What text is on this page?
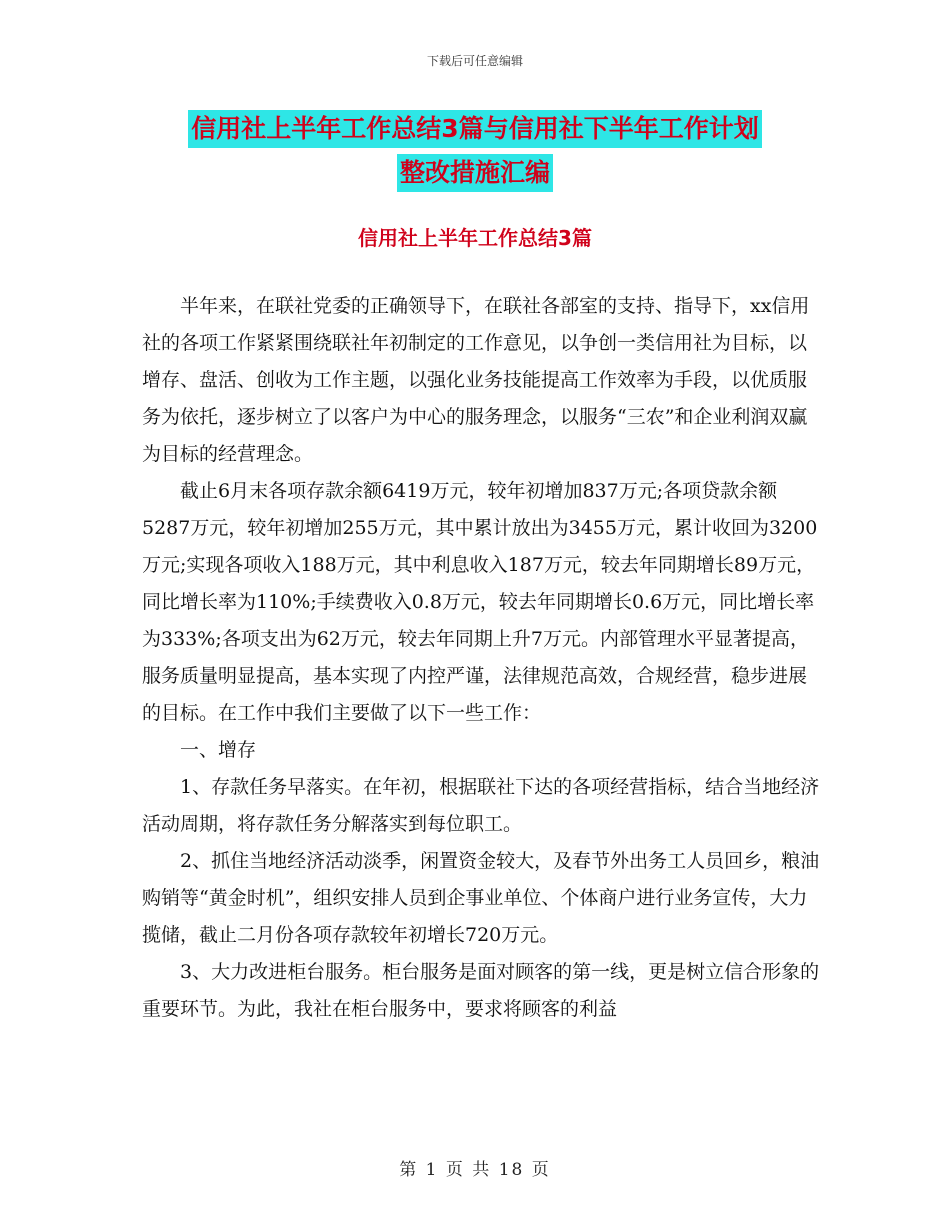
下载后可任意编辑
信用社上半年工作总结3篇与信用社下半年工作计划
整改措施汇编
信用社上半年工作总结3篇

半年来，在联社党委的正确领导下，在联社各部室的支持、指导下，xx信用社的各项工作紧紧围绕联社年初制定的工作意见，以争创一类信用社为目标，以增存、盘活、创收为工作主题，以强化业务技能提高工作效率为手段，以优质服务为依托，逐步树立了以客户为中心的服务理念，以服务“三农”和企业利润双赢为目标的经营理念。

截止6月末各项存款余额6419万元，较年初增加837万元;各项贷款余额5287万元，较年初增加255万元，其中累计放出为3455万元，累计收回为3200万元;实现各项收入188万元，其中利息收入187万元，较去年同期增长89万元，同比增长率为110%;手续费收入0.8万元，较去年同期增长0.6万元，同比增长率为333%;各项支出为62万元，较去年同期上升7万元。内部管理水平显著提高，服务质量明显提高，基本实现了内控严谨，法律规范高效，合规经营，稳步进展的目标。在工作中我们主要做了以下一些工作：

一、增存

1、存款任务早落实。在年初，根据联社下达的各项经营指标，结合当地经济活动周期，将存款任务分解落实到每位职工。

2、抓住当地经济活动淡季，闲置资金较大，及春节外出务工人员回乡，粮油购销等“黄金时机”，组织安排人员到企事业单位、个体商户进行业务宣传，大力揽储，截止二月份各项存款较年初增长720万元。

3、大力改进柜台服务。柜台服务是面对顾客的第一线，更是树立信合形象的重要环节。为此，我社在柜台服务中，要求将顾客的利益

第 1 页 共 18 页
